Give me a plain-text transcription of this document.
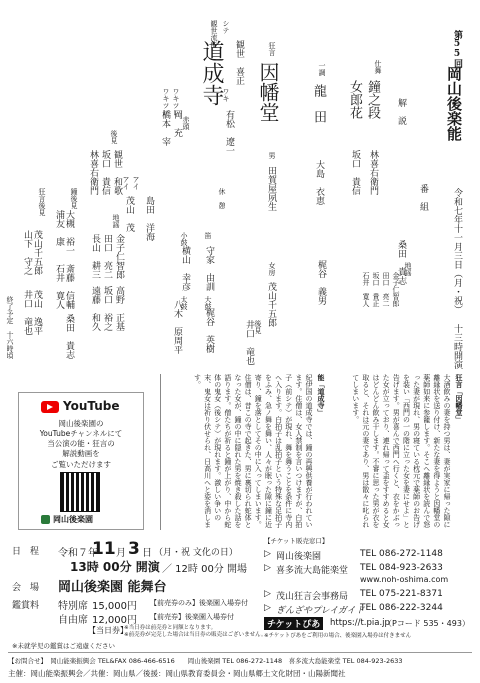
第55回
岡山後楽能
令和七年十一月三日（月・祝） 十三時開演
番　組
解　説
桑田　貴志
仕舞
鐘之段
林喜右衛門
女郎花
坂口　貴信
地謡
金子仁智郎
田口　亮二
坂口　貴正
石井　寛人
一調
龍　田
大島　衣恵
梶谷　義男
狂言
因幡堂
男
田賀屋夙生
女房
茂山千五郎
後見
井口　竜也
休　憩
観世流能
道成寺
赤頭
シテ
観世　喜正
ワキ
有松　遼一
ワキツレ
岡　充
ワキツレ
橋本　宰
アイ
島田　洋海
アイ
茂山　茂
笛
守家　由訓
小鼓
横山　幸彦
大鼓
梶谷　英樹
太鼓
八木　原周平
後見
観世　和歌
坂口　貴信
林喜右衛門
地謡
金子仁智郎
田口　亮二
長山　耕三
高野　正基
坂口　裕之
遠藤　和久
鐘後見
大槻　裕一
浦友　康
斎藤　信輔
石井　寛人
桑田　貴志
狂言後見
茂山千五郎
山下　守之
茂山　逸平
井口　竜也
終了予定　十六時頃
YouTube
岡山後楽園の
YouTubeチャンネルにて
当公演の能・狂言の
解説動画を
ご覧いただけます
岡山後楽園
狂言「因幡堂」
大酒飲みの妻を持つ男は、妻が実家に帰った隙に離縁状を送り付け、新たな妻を得ようと因幡堂の薬師如来に参籠します。そこへ離縁状を読んで怒った妻が現れ、男の寝ている枕元で薬師のお告げを装い「西門の一の階に立った女を妻にせよ」と告げます。男が喜んで西門へ行くと、衣をかぶった女が立っており、連れ帰って盃をすすめると女はどんどん飲み干します。不審に思った男が衣を取ると、それは元の妻であり、男は散々に叱られてしまいます。
能「道成寺」
紀伊国の道成寺では、鐘の再興供養が行われています。住僧は、女人禁制を言いつけますが、白拍子（前シテ）が現れ、舞を舞うことを条件に寺内へ入ります。白拍子は乱拍子という特殊な足拍子をふみ、急ノ舞を舞い、人々が眠った隙に鐘に近寄り、鐘を落としてその中に入ってしまいます。住僧は、昔この寺で起きた、男に裏切られ蛇体となった女が、鐘の中に隠れた男を焼き殺した話を語ります。僧たちが祈ると鐘が上がり、中から蛇体の鬼女（後シテ）が現れます。激しい争いの末、鬼女は祈り伏せられ、日高川へと姿を消します。
日　程 令和７年
11 月 3 日 （月・祝 文化の日）
13時 00分 開演 ／ 12時 00分 開場
会　場 岡山後楽園 能舞台
鑑賞料 特別席 15,000円 【前売券のみ】後楽園入場券付
自由席 12,000円 【前売券】後楽園入場券付
【当日券】
※当日券は前売券と同額となります。
※前売券が完売した場合は当日券の販売はございません。
※未就学児の鑑賞はご遠慮ください
【チケット販売窓口】
▷ 岡山後楽園	TEL 086-272-1148
▷ 喜多流大島能楽堂 TEL 084-923-2633
www.noh-oshima.com
▷ 茂山狂言会事務局 TEL 075-221-8371
▷ ぎんざやプレイガイド
TEL 086-222-3244
チケットぴあ	https://t.pia.jp
（Pコード 535・493）
※チケットぴあをご利用の場合、後楽園入場券は付きません
【お問合せ】　岡山能楽振興会 TEL&FAX 086-466-6516　　岡山後楽園 TEL 086-272-1148　喜多流大島能楽堂 TEL 084-923-2633
主催：岡山能楽振興会／共催：岡山県／後援：岡山県教育委員会・岡山県郷土文化財団・山陽新聞社
